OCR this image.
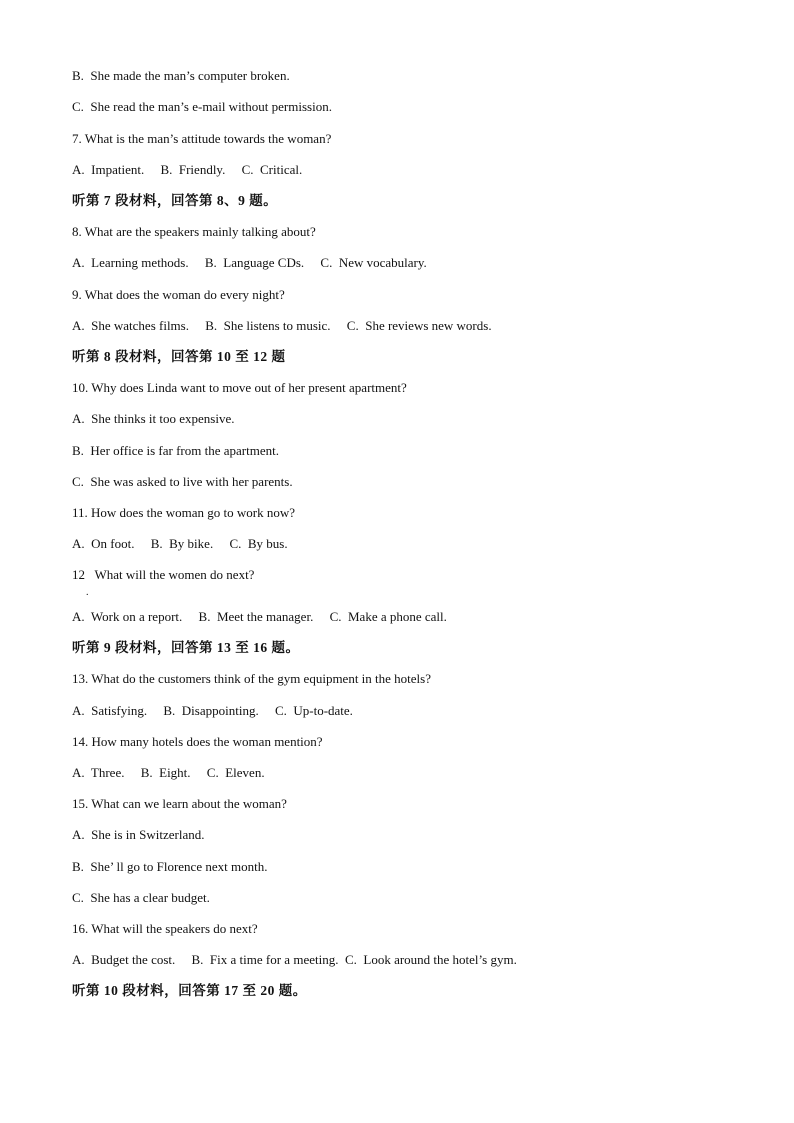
B.  She made the man’s computer broken.
C.  She read the man’s e-mail without permission.
7. What is the man’s attitude towards the woman?
A.  Impatient.     B.  Friendly.     C.  Critical.
听第 7 段材料，回答第 8、9 题。
8. What are the speakers mainly talking about?
A.  Learning methods.     B.  Language CDs.     C.  New vocabulary.
9. What does the woman do every night?
A.  She watches films.     B.  She listens to music.     C.  She reviews new words.
听第 8 段材料，回答第 10 至 12 题
10. Why does Linda want to move out of her present apartment?
A.  She thinks it too expensive.
B.  Her office is far from the apartment.
C.  She was asked to live with her parents.
11. How does the woman go to work now?
A.  On foot.     B.  By bike.     C.  By bus.
12   What will the women do next?
.
A.  Work on a report.     B.  Meet the manager.     C.  Make a phone call.
听第 9 段材料，回答第 13 至 16 题。
13. What do the customers think of the gym equipment in the hotels?
A.  Satisfying.     B.  Disappointing.     C.  Up-to-date.
14. How many hotels does the woman mention?
A.  Three.     B.  Eight.     C.  Eleven.
15. What can we learn about the woman?
A.  She is in Switzerland.
B.  She’ ll go to Florence next month.
C.  She has a clear budget.
16. What will the speakers do next?
A.  Budget the cost.     B.  Fix a time for a meeting.  C.  Look around the hotel’s gym.
听第 10 段材料，回答第 17 至 20 题。
